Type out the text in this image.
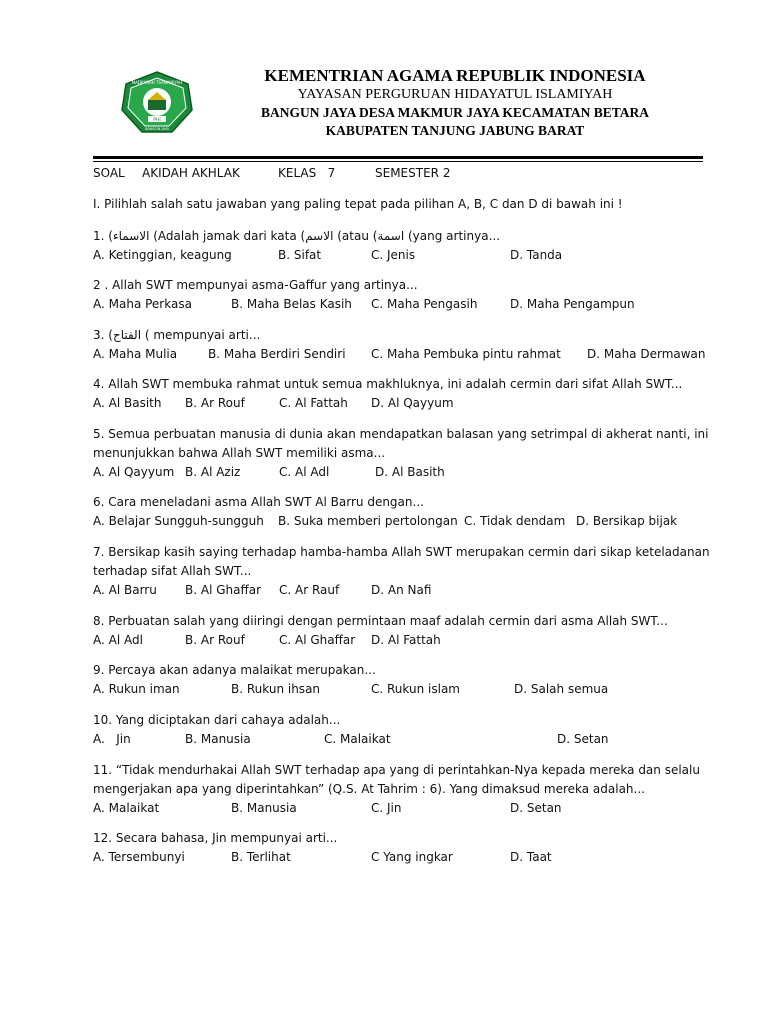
PHI
MADRASAH TSANAWIYAH
BANGUN JAYA
KEMENTRIAN AGAMA REPUBLIK INDONESIA
YAYASAN PERGURUAN HIDAYATUL ISLAMIYAH
BANGUN JAYA DESA MAKMUR JAYA KECAMATAN BETARA
KABUPATEN TANJUNG JABUNG BARAT
SOAL AKIDAH AKHLAK	KELAS   7	SEMESTER 2
I. Pilihlah salah satu jawaban yang paling tepat pada pilihan A, B, C dan D di bawah ini !
1. (الاسماء (Adalah jamak dari kata (الاسم (atau (اسمة (yang artinya...
A. Ketinggian, keagung	B. Sifat	C. Jenis	D. Tanda
2 . Allah SWT mempunyai asma-Gaffur yang artinya...
A. Maha Perkasa	B. Maha Belas Kasih C. Maha Pengasih	D. Maha Pengampun
3. (الفتاح ( mempunyai arti...
A. Maha Mulia	B. Maha Berdiri Sendiri C. Maha Pembuka pintu rahmat D. Maha Dermawan
4. Allah SWT membuka rahmat untuk semua makhluknya, ini adalah cermin dari sifat Allah SWT...
A. Al Basith B. Ar Rouf	C. Al Fattah D. Al Qayyum
5. Semua perbuatan manusia di dunia akan mendapatkan balasan yang setrimpal di akherat nanti, ini
menunjukkan bahwa Allah SWT memiliki asma...
A. Al Qayyum B. Al Aziz	C. Al Adl	D. Al Basith
6. Cara meneladani asma Allah SWT Al Barru dengan...
A. Belajar Sungguh-sungguh B. Suka memberi pertolongan C. Tidak dendam D. Bersikap bijak
7. Bersikap kasih saying terhadap hamba-hamba Allah SWT merupakan cermin dari sikap keteladanan
terhadap sifat Allah SWT...
A. Al Barru B. Al Ghaffar C. Ar Rauf	D. An Nafi
8. Perbuatan salah yang diiringi dengan permintaan maaf adalah cermin dari asma Allah SWT...
A. Al Adl	B. Ar Rouf	C. Al Ghaffar D. Al Fattah
9. Percaya akan adanya malaikat merupakan...
A. Rukun iman	B. Rukun ihsan	C. Rukun islam	D. Salah semua
10. Yang diciptakan dari cahaya adalah...
A.   Jin	B. Manusia	C. Malaikat	D. Setan
11. “Tidak mendurhakai Allah SWT terhadap apa yang di perintahkan-Nya kepada mereka dan selalu
mengerjakan apa yang diperintahkan” (Q.S. At Tahrim : 6). Yang dimaksud mereka adalah...
A. Malaikat	B. Manusia	C. Jin	D. Setan
12. Secara bahasa, Jin mempunyai arti...
A. Tersembunyi	B. Terlihat	C Yang ingkar	D. Taat
